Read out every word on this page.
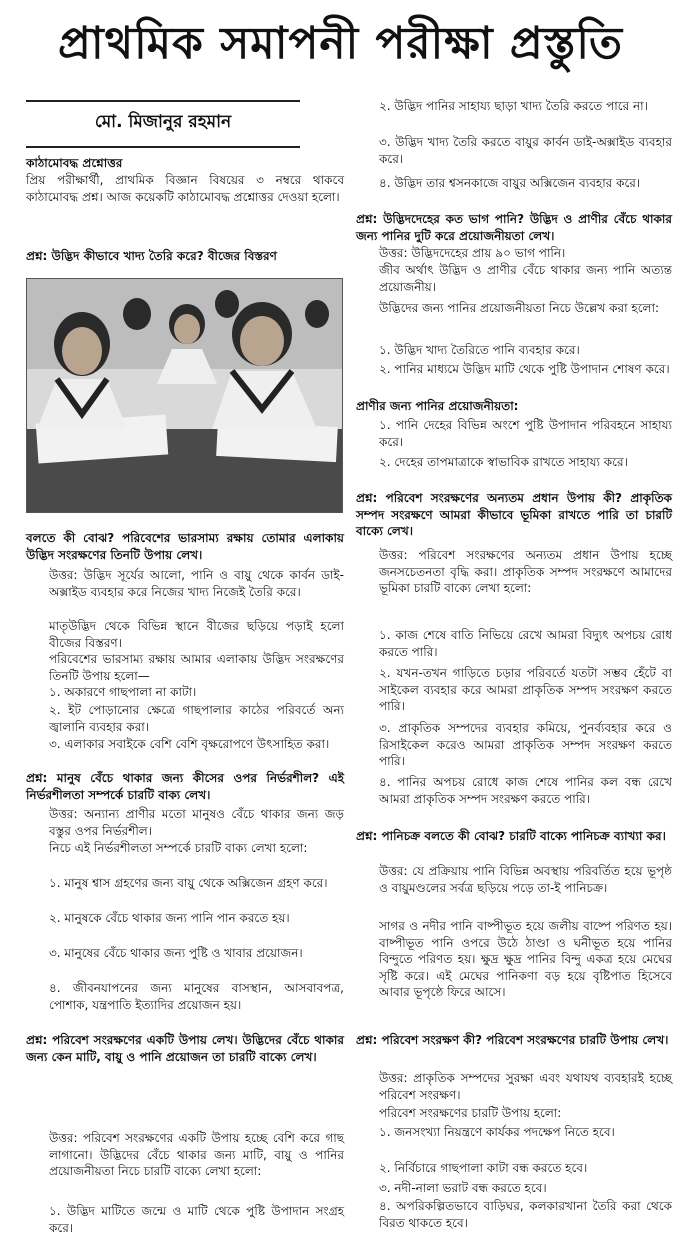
প্রাথমিক সমাপনী পরীক্ষা প্রস্তুতি
মো. মিজানুর রহমান
কাঠামোবদ্ধ প্রশ্নোত্তর
প্রিয় পরীক্ষার্থী, প্রাথমিক বিজ্ঞান বিষয়ের ৩ নম্বরে থাকবে কাঠামোবদ্ধ প্রশ্ন। আজ কয়েকটি কাঠামোবদ্ধ প্রশ্নোত্তর দেওয়া হলো।
প্রশ্ন: উদ্ভিদ কীভাবে খাদ্য তৈরি করে? বীজের বিস্তরণ
বলতে কী বোঝ? পরিবেশের ভারসাম্য রক্ষায় তোমার এলাকায় উদ্ভিদ সংরক্ষণের তিনটি উপায় লেখ।
উত্তর: উদ্ভিদ সূর্যের আলো, পানি ও বায়ু থেকে কার্বন ডাই-অক্সাইড ব্যবহার করে নিজের খাদ্য নিজেই তৈরি করে।
মাতৃউদ্ভিদ থেকে বিভিন্ন স্থানে বীজের ছড়িয়ে পড়াই হলো বীজের বিস্তরণ।
পরিবেশের ভারসাম্য রক্ষায় আমার এলাকায় উদ্ভিদ সংরক্ষণের তিনটি উপায় হলো—
১. অকারণে গাছপালা না কাটা।
২. ইট পোড়ানোর ক্ষেত্রে গাছপালার কাঠের পরিবর্তে অন্য জ্বালানি ব্যবহার করা।
৩. এলাকার সবাইকে বেশি বেশি বৃক্ষরোপণে উৎসাহিত করা।
প্রশ্ন: মানুষ বেঁচে থাকার জন্য কীসের ওপর নির্ভরশীল? এই নির্ভরশীলতা সম্পর্কে চারটি বাক্য লেখ।
উত্তর: অন্যান্য প্রাণীর মতো মানুষও বেঁচে থাকার জন্য জড় বস্তুর ওপর নির্ভরশীল।
নিচে এই নির্ভরশীলতা সম্পর্কে চারটি বাক্য লেখা হলো:
১. মানুষ শ্বাস গ্রহণের জন্য বায়ু থেকে অক্সিজেন গ্রহণ করে।
২. মানুষকে বেঁচে থাকার জন্য পানি পান করতে হয়।
৩. মানুষের বেঁচে থাকার জন্য পুষ্টি ও খাবার প্রয়োজন।
৪. জীবনযাপনের জন্য মানুষের বাসস্থান, আসবাবপত্র, পোশাক, যন্ত্রপাতি ইত্যাদির প্রয়োজন হয়।
প্রশ্ন: পরিবেশ সংরক্ষণের একটি উপায় লেখ। উদ্ভিদের বেঁচে থাকার জন্য কেন মাটি, বায়ু ও পানি প্রয়োজন তা চারটি বাক্যে লেখ।
উত্তর: পরিবেশ সংরক্ষণের একটি উপায় হচ্ছে বেশি করে গাছ লাগানো। উদ্ভিদের বেঁচে থাকার জন্য মাটি, বায়ু ও পানির প্রয়োজনীয়তা নিচে চারটি বাক্যে লেখা হলো:
১. উদ্ভিদ মাটিতে জন্মে ও মাটি থেকে পুষ্টি উপাদান সংগ্রহ করে।
২. উদ্ভিদ পানির সাহায্য ছাড়া খাদ্য তৈরি করতে পারে না।
৩. উদ্ভিদ খাদ্য তৈরি করতে বায়ুর কার্বন ডাই-অক্সাইড ব্যবহার করে।
৪. উদ্ভিদ তার শ্বসনকাজে বায়ুর অক্সিজেন ব্যবহার করে।
প্রশ্ন: উদ্ভিদদেহের কত ভাগ পানি? উদ্ভিদ ও প্রাণীর বেঁচে থাকার জন্য পানির দুটি করে প্রয়োজনীয়তা লেখ।
উত্তর: উদ্ভিদদেহের প্রায় ৯০ ভাগ পানি।
জীব অর্থাৎ উদ্ভিদ ও প্রাণীর বেঁচে থাকার জন্য পানি অত্যন্ত প্রয়োজনীয়।
উদ্ভিদের জন্য পানির প্রয়োজনীয়তা নিচে উল্লেখ করা হলো:
১. উদ্ভিদ খাদ্য তৈরিতে পানি ব্যবহার করে।
২. পানির মাধ্যমে উদ্ভিদ মাটি থেকে পুষ্টি উপাদান শোষণ করে।
প্রাণীর জন্য পানির প্রয়োজনীয়তা:
১. পানি দেহের বিভিন্ন অংশে পুষ্টি উপাদান পরিবহনে সাহায্য করে।
২. দেহের তাপমাত্রাকে স্বাভাবিক রাখতে সাহায্য করে।
প্রশ্ন: পরিবেশ সংরক্ষণের অন্যতম প্রধান উপায় কী? প্রাকৃতিক সম্পদ সংরক্ষণে আমরা কীভাবে ভূমিকা রাখতে পারি তা চারটি বাক্যে লেখ।
উত্তর: পরিবেশ সংরক্ষণের অন্যতম প্রধান উপায় হচ্ছে জনসচেতনতা বৃদ্ধি করা। প্রাকৃতিক সম্পদ সংরক্ষণে আমাদের ভূমিকা চারটি বাক্যে লেখা হলো:
১. কাজ শেষে বাতি নিভিয়ে রেখে আমরা বিদ্যুৎ অপচয় রোধ করতে পারি।
২. যখন-তখন গাড়িতে চড়ার পরিবর্তে যতটা সম্ভব হেঁটে বা সাইকেল ব্যবহার করে আমরা প্রাকৃতিক সম্পদ সংরক্ষণ করতে পারি।
৩. প্রাকৃতিক সম্পদের ব্যবহার কমিয়ে, পুনর্ব্যবহার করে ও রিসাইকেল করেও আমরা প্রাকৃতিক সম্পদ সংরক্ষণ করতে পারি।
৪. পানির অপচয় রোধে কাজ শেষে পানির কল বন্ধ রেখে আমরা প্রাকৃতিক সম্পদ সংরক্ষণ করতে পারি।
প্রশ্ন: পানিচক্র বলতে কী বোঝ? চারটি বাক্যে পানিচক্র ব্যাখ্যা কর।
উত্তর: যে প্রক্রিয়ায় পানি বিভিন্ন অবস্থায় পরিবর্তিত হয়ে ভূপৃষ্ঠ ও বায়ুমণ্ডলের সর্বত্র ছড়িয়ে পড়ে তা-ই পানিচক্র।
সাগর ও নদীর পানি বাষ্পীভূত হয়ে জলীয় বাষ্পে পরিণত হয়। বাষ্পীভূত পানি ওপরে উঠে ঠাণ্ডা ও ঘনীভূত হয়ে পানির বিন্দুতে পরিণত হয়। ক্ষুদ্র ক্ষুদ্র পানির বিন্দু একত্র হয়ে মেঘের সৃষ্টি করে। এই মেঘের পানিকণা বড় হয়ে বৃষ্টিপাত হিসেবে আবার ভূপৃষ্ঠে ফিরে আসে।
প্রশ্ন: পরিবেশ সংরক্ষণ কী? পরিবেশ সংরক্ষণের চারটি উপায় লেখ।
উত্তর: প্রাকৃতিক সম্পদের সুরক্ষা এবং যথাযথ ব্যবহারই হচ্ছে পরিবেশ সংরক্ষণ।
পরিবেশ সংরক্ষণের চারটি উপায় হলো:
১. জনসংখ্যা নিয়ন্ত্রণে কার্যকর পদক্ষেপ নিতে হবে।
২. নির্বিচারে গাছপালা কাটা বন্ধ করতে হবে।
৩. নদী-নালা ভরাট বন্ধ করতে হবে।
৪. অপরিকল্পিতভাবে বাড়িঘর, কলকারখানা তৈরি করা থেকে বিরত থাকতে হবে।
